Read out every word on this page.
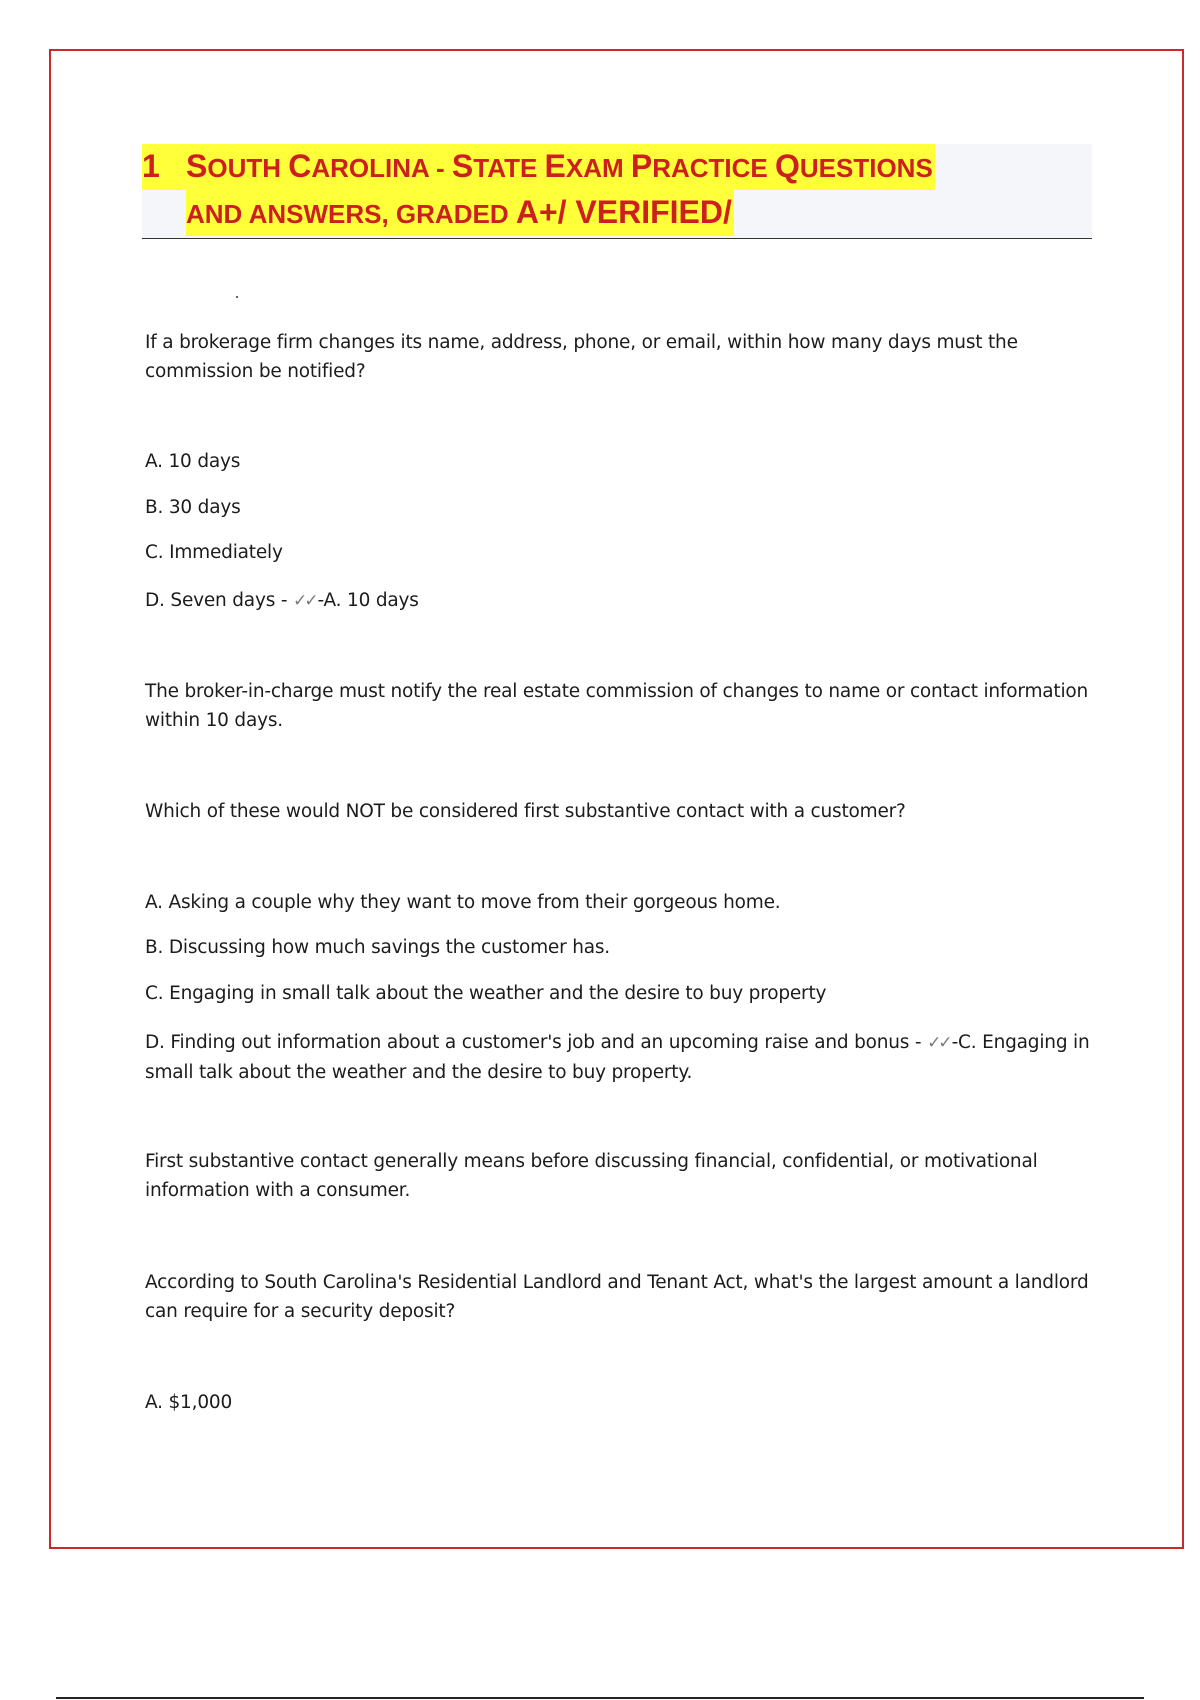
1 SOUTH CAROLINA - STATE EXAM PRACTICE QUESTIONS
AND ANSWERS, GRADED A+/ VERIFIED/
If a brokerage firm changes its name, address, phone, or email, within how many days must the commission be notified?
A. 10 days
B. 30 days
C. Immediately
D. Seven days - ✓✓ -A. 10 days
The broker-in-charge must notify the real estate commission of changes to name or contact information within 10 days.
Which of these would NOT be considered first substantive contact with a customer?
A. Asking a couple why they want to move from their gorgeous home.
B. Discussing how much savings the customer has.
C. Engaging in small talk about the weather and the desire to buy property
D. Finding out information about a customer's job and an upcoming raise and bonus - ✓✓ -C. Engaging in small talk about the weather and the desire to buy property.
First substantive contact generally means before discussing financial, confidential, or motivational information with a consumer.
According to South Carolina's Residential Landlord and Tenant Act, what's the largest amount a landlord can require for a security deposit?
A. $1,000
